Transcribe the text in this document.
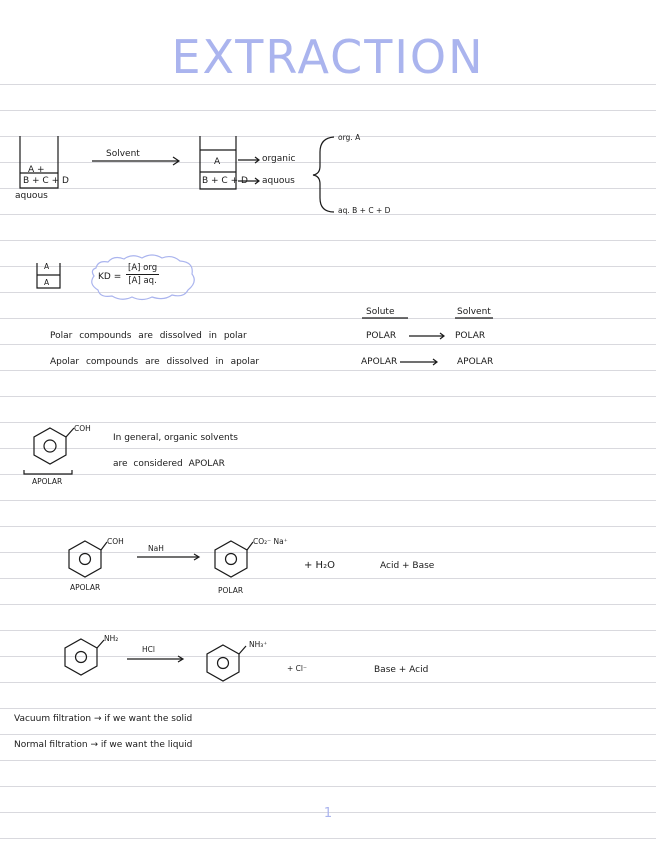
EXTRACTION
A +
B + C + D
aquous
Solvent
A
B + C + D
organic
aquous
org. A
aq. B + C + D
A
A
KD =
[A] org
[A] aq.
Solute	Solvent
Polar compounds are dissolved in polar	POLAR	POLAR
Apolar compounds are dissolved in apolar	APOLAR	APOLAR
COH
APOLAR
In general, organic solvents
are considered APOLAR
COH
APOLAR
NaH
CO₂⁻ Na⁺
POLAR
+ H₂O	Acid + Base
NH₂
HCl
NH₃⁺
+ Cl⁻	Base + Acid
Vacuum filtration → if we want the solid
Normal filtration → if we want the liquid
1
